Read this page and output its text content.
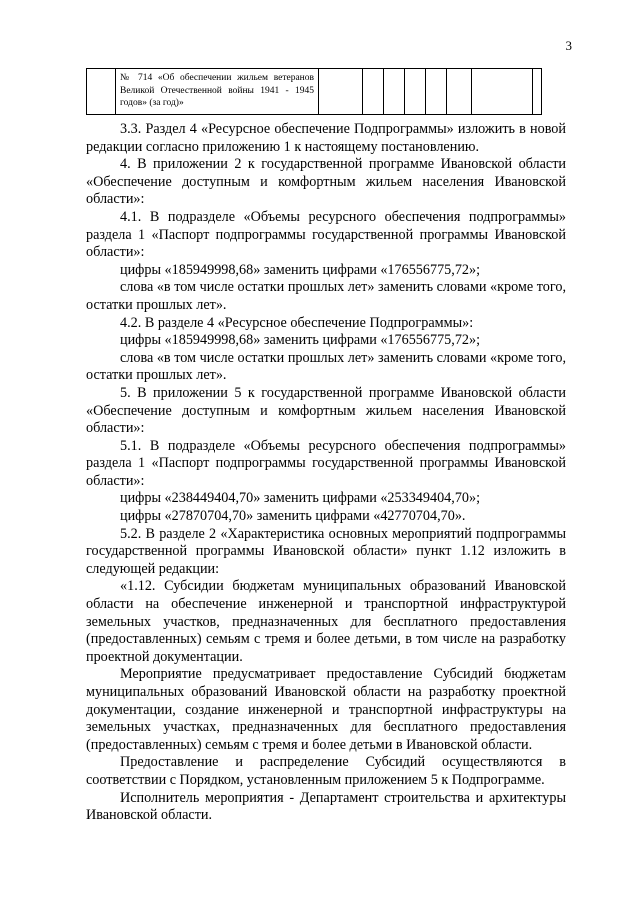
3
	№ 714 «Об обеспечении жильем ветеранов Великой Отечественной войны 1941 - 1945 годов» (за год)»								

3.3. Раздел 4 «Ресурсное обеспечение Подпрограммы» изложить в новой редакции согласно приложению 1 к настоящему постановлению.

4. В приложении 2 к государственной программе Ивановской области «Обеспечение доступным и комфортным жильем населения Ивановской области»:

4.1. В подразделе «Объемы ресурсного обеспечения подпрограммы» раздела 1 «Паспорт подпрограммы государственной программы Ивановской области»:

цифры «185949998,68» заменить цифрами «176556775,72»;

слова «в том числе остатки прошлых лет» заменить словами «кроме того, остатки прошлых лет».

4.2. В разделе 4 «Ресурсное обеспечение Подпрограммы»:

цифры «185949998,68» заменить цифрами «176556775,72»;

слова «в том числе остатки прошлых лет» заменить словами «кроме того, остатки прошлых лет».

5. В приложении 5 к государственной программе Ивановской области «Обеспечение доступным и комфортным жильем населения Ивановской области»:

5.1. В подразделе «Объемы ресурсного обеспечения подпрограммы» раздела 1 «Паспорт подпрограммы государственной программы Ивановской области»:

цифры «238449404,70» заменить цифрами «253349404,70»;

цифры «27870704,70» заменить цифрами «42770704,70».

5.2. В разделе 2 «Характеристика основных мероприятий подпрограммы государственной программы Ивановской области» пункт 1.12 изложить в следующей редакции:

«1.12. Субсидии бюджетам муниципальных образований Ивановской области на обеспечение инженерной и транспортной инфраструктурой земельных участков, предназначенных для бесплатного предоставления (предоставленных) семьям с тремя и более детьми, в том числе на разработку проектной документации.

Мероприятие предусматривает предоставление Субсидий бюджетам муниципальных образований Ивановской области на разработку проектной документации, создание инженерной и транспортной инфраструктуры на земельных участках, предназначенных для бесплатного предоставления (предоставленных) семьям с тремя и более детьми в Ивановской области.

Предоставление и распределение Субсидий осуществляются в соответствии с Порядком, установленным приложением 5 к Подпрограмме.

Исполнитель мероприятия - Департамент строительства и архитектуры Ивановской области.
